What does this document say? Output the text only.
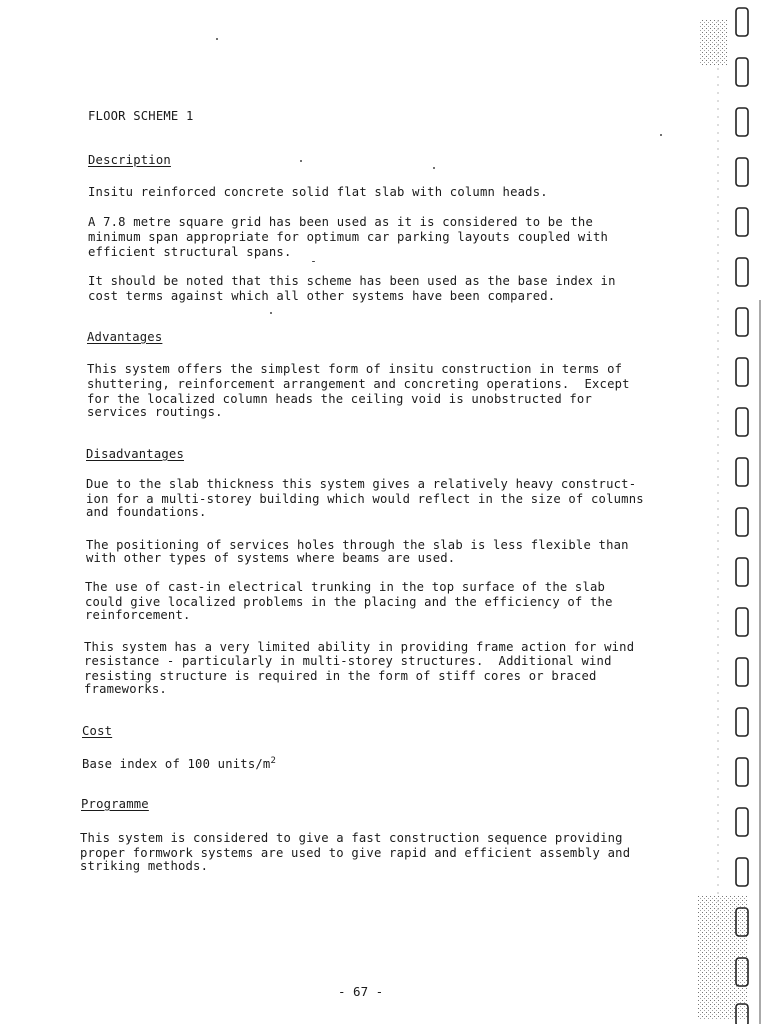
FLOOR SCHEME 1
Description
Insitu reinforced concrete solid flat slab with column heads.
A 7.8 metre square grid has been used as it is considered to be the
minimum span appropriate for optimum car parking layouts coupled with
efficient structural spans.
It should be noted that this scheme has been used as the base index in
cost terms against which all other systems have been compared.
Advantages
This system offers the simplest form of insitu construction in terms of
shuttering, reinforcement arrangement and concreting operations.  Except
for the localized column heads the ceiling void is unobstructed for
services routings.
Disadvantages
Due to the slab thickness this system gives a relatively heavy construct-
ion for a multi-storey building which would reflect in the size of columns
and foundations.
The positioning of services holes through the slab is less flexible than
with other types of systems where beams are used.
The use of cast-in electrical trunking in the top surface of the slab
could give localized problems in the placing and the efficiency of the
reinforcement.
This system has a very limited ability in providing frame action for wind
resistance - particularly in multi-storey structures.  Additional wind
resisting structure is required in the form of stiff cores or braced
frameworks.
Cost
Base index of 100 units/$m^2$
Programme
This system is considered to give a fast construction sequence providing
proper formwork systems are used to give rapid and efficient assembly and
striking methods.
- 67 -
